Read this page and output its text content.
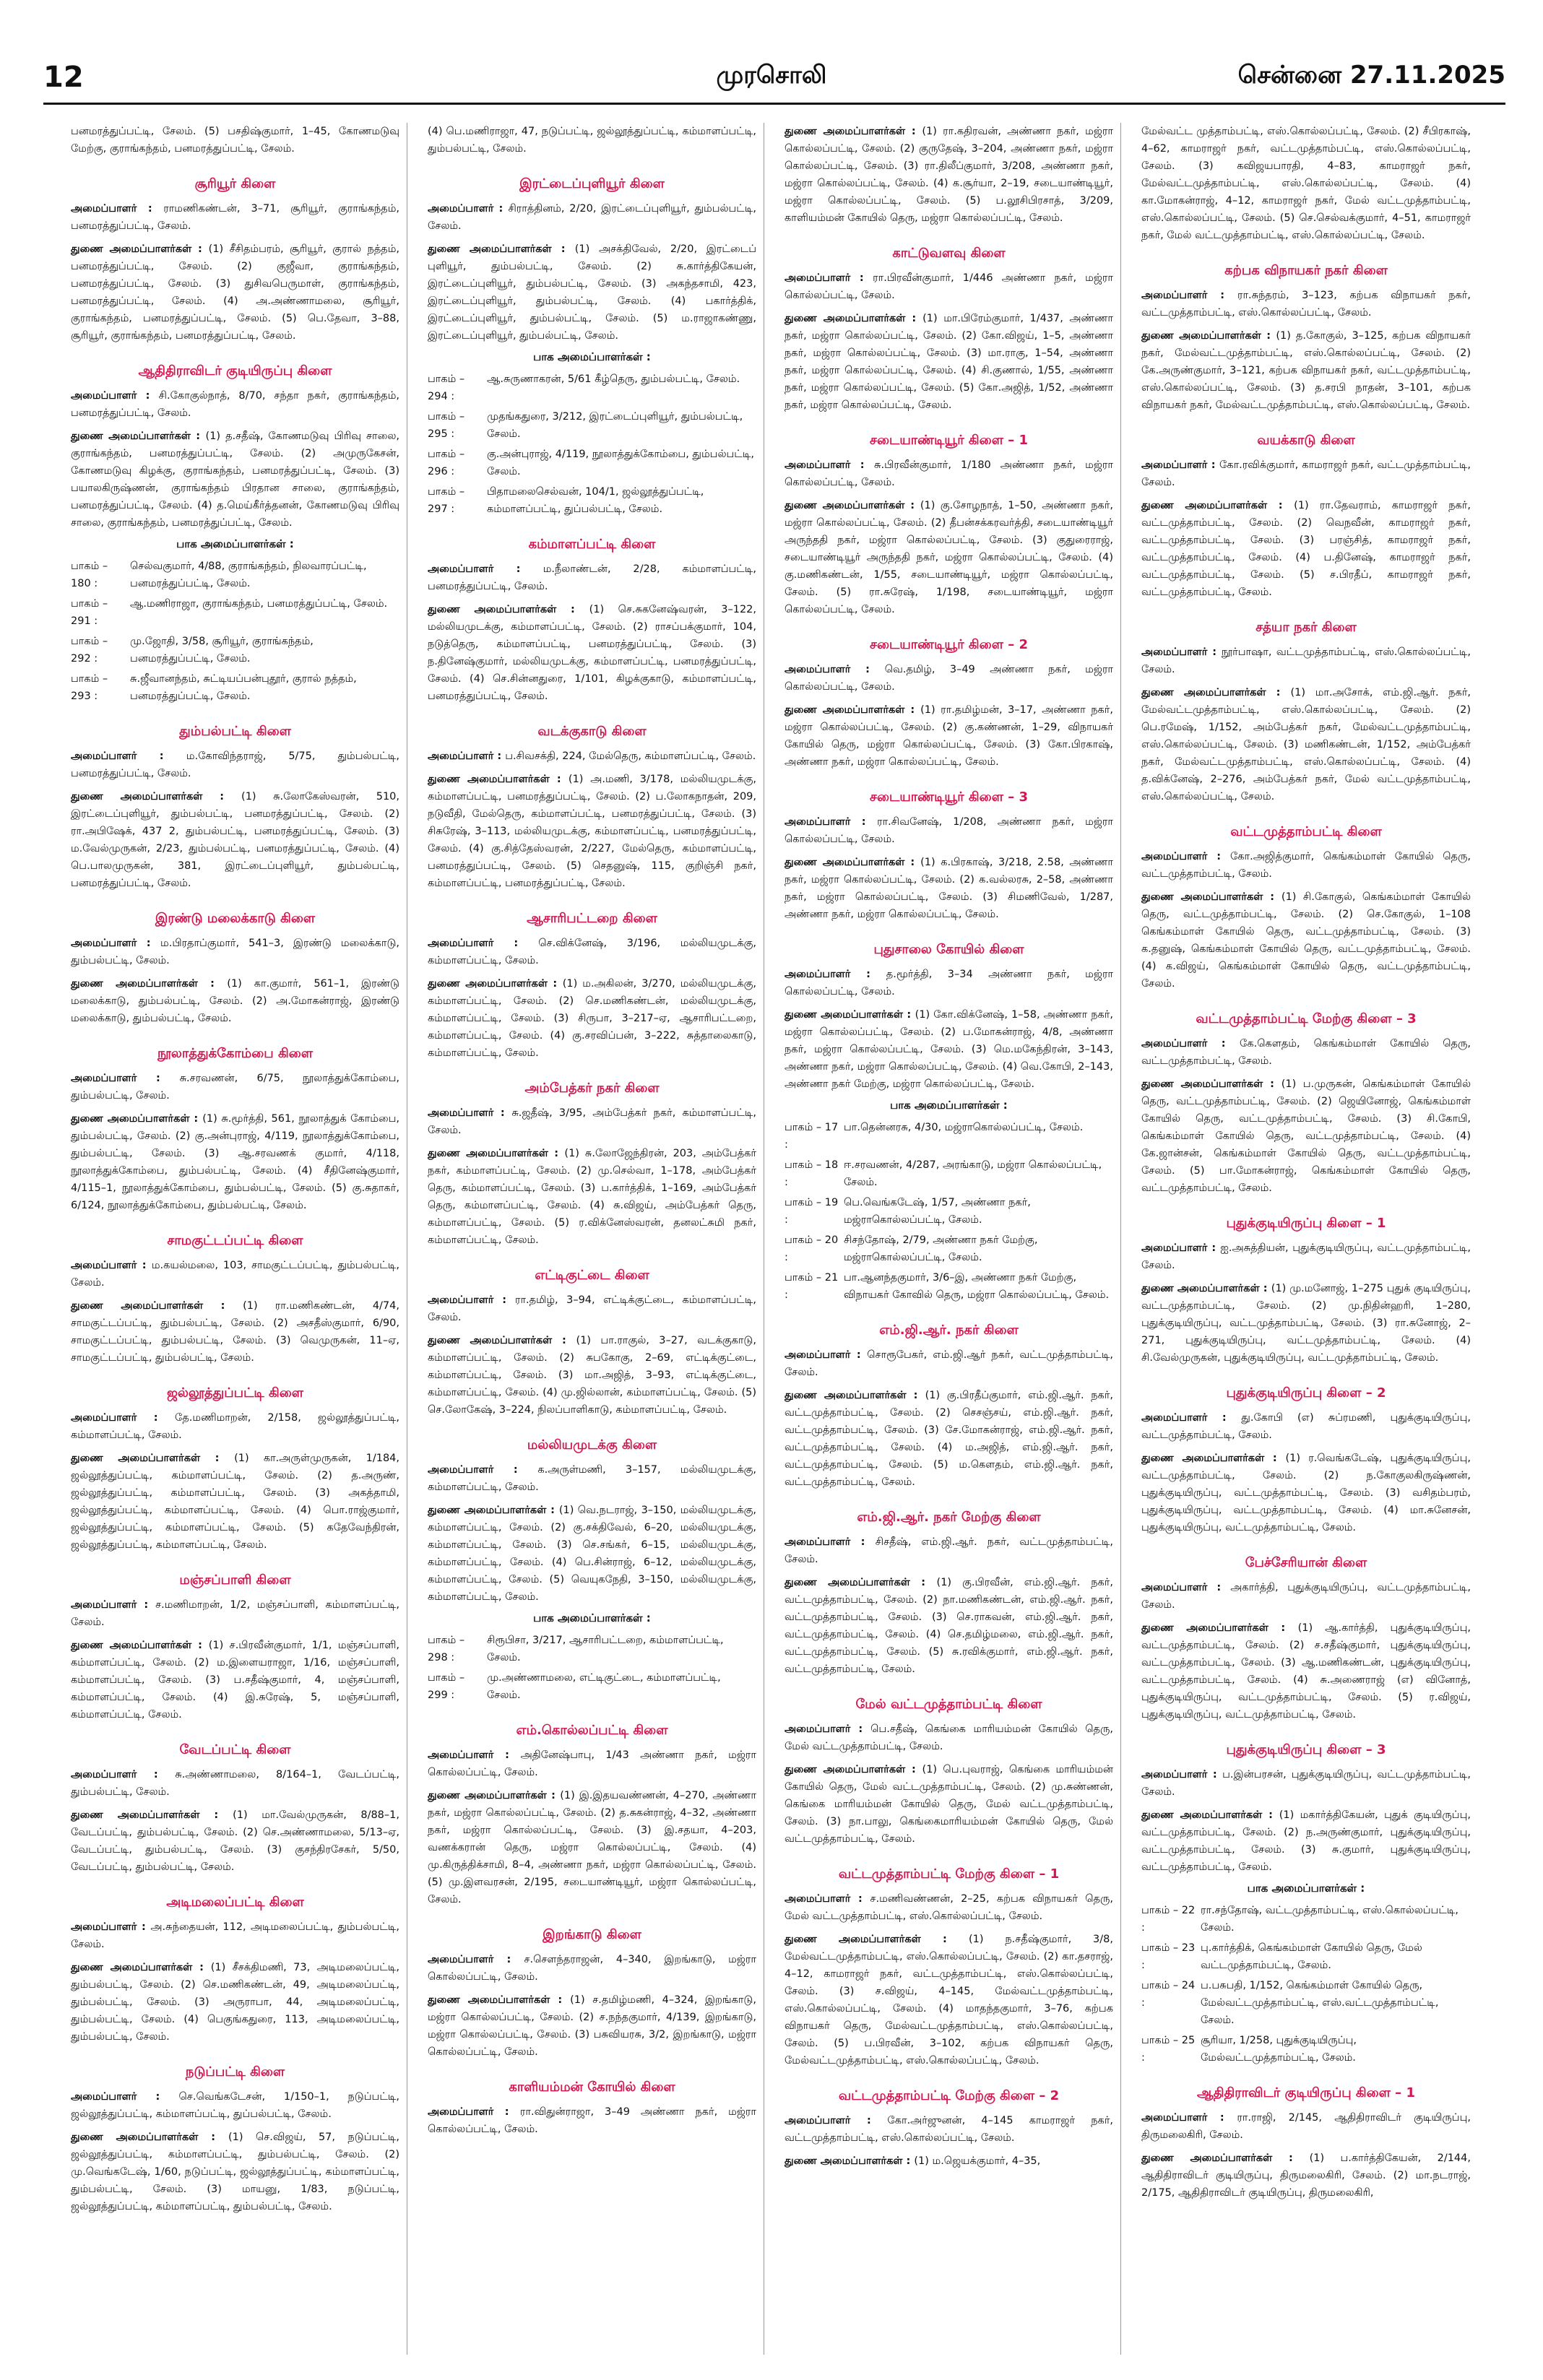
12	முரசொலி	சென்னை 27.11.2025

பனமரத்துப்பட்டி, சேலம். (5) பசதிஷ்குமார், 1–45, கோணமடுவு மேற்கு, குராங்கந்தம், பனமரத்துப்பட்டி, சேலம்.

சூரியூர் கிளை

அமைப்பாளர் : ராமணிகண்டன், 3–71, சூரியூர், குராங்கந்தம், பனமரத்துப்பட்டி, சேலம்.

துணை அமைப்பாளர்கள் : (1) சீசிதம்பரம், சூரியூர், குரால் நத்தம், பனமரத்துப்பட்டி, சேலம். (2) குஜீவா, குராங்கந்தம், பனமரத்துப்பட்டி, சேலம். (3) துசிவபெருமாள், குராங்கந்தம், பனமரத்துப்பட்டி, சேலம். (4) அ.அண்ணாமலை, சூரியூர், குராங்கந்தம், பனமரத்துப்பட்டி, சேலம். (5) பெ.தேவா, 3–88, சூரியூர், குராங்கந்தம், பனமரத்துப்பட்டி, சேலம்.

ஆதிதிராவிடர் குடியிருப்பு கிளை

அமைப்பாளர் : சி.கோகுல்நாத், 8/70, சந்தா நகர், குராங்கந்தம், பனமரத்துப்பட்டி, சேலம்.

துணை அமைப்பாளர்கள் : (1) த.சதீஷ், கோணமடுவு பிரிவு சாலை, குராங்கந்தம், பனமரத்துப்பட்டி, சேலம். (2) அமுருகேசன், கோணமடுவு கிழக்கு, குராங்கந்தம், பனமரத்துப்பட்டி, சேலம். (3) பயாலகிருஷ்ணன், குராங்கந்தம் பிரதான சாலை, குராங்கந்தம், பனமரத்துப்பட்டி, சேலம். (4) த.மெய்கீர்த்தனன், கோணமடுவு பிரிவு சாலை, குராங்கந்தம், பனமரத்துப்பட்டி, சேலம்.

பாக அமைப்பாளர்கள் :
பாகம் – 180 :
செல்வகுமார், 4/88, குராங்கந்தம், நிலவாரப்பட்டி, பனமரத்துப்பட்டி, சேலம்.
பாகம் – 291 :
ஆ.மணிராஜா, குராங்கந்தம், பனமரத்துப்பட்டி, சேலம்.
பாகம் – 292 :
மு.ஜோதி, 3/58, சூரியூர், குராங்கந்தம், பனமரத்துப்பட்டி, சேலம்.
பாகம் – 293 :
சு.ஜீவானந்தம், சுட்டியப்பன்புதூர், குரால் நத்தம், பனமரத்துப்பட்டி, சேலம்.
தும்பல்பட்டி கிளை

அமைப்பாளர் : ம.கோவிந்தராஜ், 5/75, தும்பல்பட்டி, பனமரத்துப்பட்டி, சேலம்.

துணை அமைப்பாளர்கள் : (1) சு.லோகேஸ்வரன், 510, இரட்டைப்புளியூர், தும்பல்பட்டி, பனமரத்துப்பட்டி, சேலம். (2) ரா.அபிஷேக், 437 2, தும்பல்பட்டி, பனமரத்துப்பட்டி, சேலம். (3) ம.வேல்முருகன், 2/23, தும்பல்பட்டி, பனமரத்துப்பட்டி, சேலம். (4) பெ.பாலமுருகன், 381, இரட்டைப்புளியூர், தும்பல்பட்டி, பனமரத்துப்பட்டி, சேலம்.

இரண்டு மலைக்காடு கிளை

அமைப்பாளர் : ம.பிரதாப்குமார், 541–3, இரண்டு மலைக்காடு, தும்பல்பட்டி, சேலம்.

துணை அமைப்பாளர்கள் : (1) கா.குமார், 561–1, இரண்டு மலைக்காடு, தும்பல்பட்டி, சேலம். (2) அ.மோகன்ராஜ், இரண்டு மலைக்காடு, தும்பல்பட்டி, சேலம்.

நூலாத்துக்கோம்பை கிளை

அமைப்பாளர் : சு.சரவணன், 6/75, நூலாத்துக்கோம்பை, தும்பல்பட்டி, சேலம்.

துணை அமைப்பாளர்கள் : (1) சு.மூர்த்தி, 561, நூலாத்துக் கோம்பை, தும்பல்பட்டி, சேலம். (2) கு.அன்புராஜ், 4/119, நூலாத்துக்கோம்பை, தும்பல்பட்டி, சேலம். (3) ஆ.சரவணக் குமார், 4/118, நூலாத்துக்கோம்பை, தும்பல்பட்டி, சேலம். (4) சீதினேஷ்குமார், 4/115–1, நூலாத்துக்கோம்பை, தும்பல்பட்டி, சேலம். (5) கு.சுதாகர், 6/124, நூலாத்துக்கோம்பை, தும்பல்பட்டி, சேலம்.

சாமகுட்டப்பட்டி கிளை

அமைப்பாளர் : ம.கயல்மலை, 103, சாமகுட்டப்பட்டி, தும்பல்பட்டி, சேலம்.

துணை அமைப்பாளர்கள் : (1) ரா.மணிகண்டன், 4/74, சாமகுட்டப்பட்டி, தும்பல்பட்டி, சேலம். (2) அசதீஸ்குமார், 6/90, சாமகுட்டப்பட்டி, தும்பல்பட்டி, சேலம். (3) வெமுருகன், 11–ஏ, சாமகுட்டப்பட்டி, தும்பல்பட்டி, சேலம்.

ஜல்லூத்துப்பட்டி கிளை

அமைப்பாளர் : தே.மணிமாறன், 2/158, ஜல்லூத்துப்பட்டி, கம்மாளப்பட்டி, சேலம்.

துணை அமைப்பாளர்கள் : (1) கா.அருள்முருகன், 1/184, ஜல்லூத்துப்பட்டி, கம்மாளப்பட்டி, சேலம். (2) த.அருண், ஜல்லூத்துப்பட்டி, கம்மாளப்பட்டி, சேலம். (3) அகத்தாமி, ஜல்லூத்துப்பட்டி, கம்மாளப்பட்டி, சேலம். (4) பொ.ராஜ்குமார், ஜல்லூத்துப்பட்டி, கம்மாளப்பட்டி, சேலம். (5) கதேவேந்திரன், ஜல்லூத்துப்பட்டி, கம்மாளப்பட்டி, சேலம்.

மஞ்சப்பாளி கிளை

அமைப்பாளர் : ச.மணிமாறன், 1/2, மஞ்சப்பாளி, கம்மாளப்பட்டி, சேலம்.

துணை அமைப்பாளர்கள் : (1) ச.பிரவீன்குமார், 1/1, மஞ்சப்பாளி, கம்மாளப்பட்டி, சேலம். (2) ம.இளையராஜா, 1/16, மஞ்சப்பாளி, கம்மாளப்பட்டி, சேலம். (3) ப.சதீஷ்குமார், 4, மஞ்சப்பாளி, கம்மாளப்பட்டி, சேலம். (4) இ.சுரேஷ், 5, மஞ்சப்பாளி, கம்மாளப்பட்டி, சேலம்.

வேடப்பட்டி கிளை

அமைப்பாளர் : சு.அண்ணாமலை, 8/164–1, வேடப்பட்டி, தும்பல்பட்டி, சேலம்.

துணை அமைப்பாளர்கள் : (1) மா.வேல்முருகன், 8/88–1, வேடப்பட்டி, தும்பல்பட்டி, சேலம். (2) செ.அண்ணாமலை, 5/13–ஏ, வேடப்பட்டி, தும்பல்பட்டி, சேலம். (3) குசந்திரசேகர், 5/50, வேடப்பட்டி, தும்பல்பட்டி, சேலம்.

அடிமலைப்பட்டி கிளை

அமைப்பாளர் : அ.சுந்தையன், 112, அடிமலைப்பட்டி, தும்பல்பட்டி, சேலம்.

துணை அமைப்பாளர்கள் : (1) சீசக்திமணி, 73, அடிமலைப்பட்டி, தும்பல்பட்டி, சேலம். (2) செ.மணிகண்டன், 49, அடிமலைப்பட்டி, தும்பல்பட்டி, சேலம். (3) அருராபா, 44, அடிமலைப்பட்டி, தும்பல்பட்டி, சேலம். (4) பெகுங்கதுரை, 113, அடிமலைப்பட்டி, தும்பல்பட்டி, சேலம்.

நடுப்பட்டி கிளை

அமைப்பாளர் : செ.வெங்கடேசன், 1/150–1, நடுப்பட்டி, ஜல்லூத்துப்பட்டி, கம்மாளப்பட்டி, துப்பல்பட்டி, சேலம்.

துணை அமைப்பாளர்கள் : (1) செ.விஜய், 57, நடுப்பட்டி, ஜல்லூத்துப்பட்டி, கம்மாளப்பட்டி, தும்பல்பட்டி, சேலம். (2) மு.வெங்கடேஷ், 1/60, நடுப்பட்டி, ஜல்லூத்துப்பட்டி, கம்மாளப்பட்டி, தும்பல்பட்டி, சேலம். (3) மாயனு, 1/83, நடுப்பட்டி, ஜல்லூத்துப்பட்டி, கம்மாளப்பட்டி, தும்பல்பட்டி, சேலம்.

(4) பெ.மணிராஜா, 47, நடுப்பட்டி, ஜல்லூத்துப்பட்டி, கம்மாளப்பட்டி, தும்பல்பட்டி, சேலம்.

இரட்டைப்புளியூர் கிளை

அமைப்பாளர் : சிராத்தினம், 2/20, இரட்டைப்புளியூர், தும்பல்பட்டி, சேலம்.

துணை அமைப்பாளர்கள் : (1) அசக்திவேல், 2/20, இரட்டைப் புளியூர், தும்பல்பட்டி, சேலம். (2) சு.கார்த்திகேயன், இரட்டைப்புளியூர், தும்பல்பட்டி, சேலம். (3) அகந்தசாமி, 423, இரட்டைப்புளியூர், தும்பல்பட்டி, சேலம். (4) பகார்த்திக், இரட்டைப்புளியூர், தும்பல்பட்டி, சேலம். (5) ம.ராஜாகண்ணு, இரட்டைப்புளியூர், தும்பல்பட்டி, சேலம்.

பாக அமைப்பாளர்கள் :
பாகம் – 294 :
ஆ.சுருணாகரன், 5/61 கீழ்தெரு, தும்பல்பட்டி, சேலம்.
பாகம் – 295 :
முதங்கதுரை, 3/212, இரட்டைப்புளியூர், தும்பல்பட்டி, சேலம்.
பாகம் – 296 :
கு.அன்புராஜ், 4/119, நூலாத்துக்கோம்பை, தும்பல்பட்டி, சேலம்.
பாகம் – 297 :
பிதாமலைசெல்வன், 104/1, ஜல்லூத்துப்பட்டி, கம்மாளப்பட்டி, துப்பல்பட்டி, சேலம்.
கம்மாளப்பட்டி கிளை

அமைப்பாளர் : ம.நீலாண்டன், 2/28, கம்மாளப்பட்டி, பனமரத்துப்பட்டி, சேலம்.

துணை அமைப்பாளர்கள் : (1) செ.சுகனேஷ்வரன், 3–122, மல்லியமுடக்கு, கம்மாளப்பட்டி, சேலம். (2) ராசப்பக்குமார், 104, நடுத்தெரு, கம்மாளப்பட்டி, பனமரத்துப்பட்டி, சேலம். (3) ந.தினேஷ்குமார், மல்லியமுடக்கு, கம்மாளப்பட்டி, பனமரத்துப்பட்டி, சேலம். (4) செ.சின்னதுரை, 1/101, கிழக்குகாடு, கம்மாளப்பட்டி, பனமரத்துப்பட்டி, சேலம்.

வடக்குகாடு கிளை

அமைப்பாளர் : ப.சிவசக்தி, 224, மேல்தெரு, கம்மாளப்பட்டி, சேலம்.

துணை அமைப்பாளர்கள் : (1) அ.மணி, 3/178, மல்லியமுடக்கு, கம்மாளப்பட்டி, பனமரத்துப்பட்டி, சேலம். (2) ப.லோகநாதன், 209, நடுவீதி, மேல்தெரு, கம்மாளப்பட்டி, பனமரத்துப்பட்டி, சேலம். (3) சிசுரேஷ், 3–113, மல்லியமுடக்கு, கம்மாளப்பட்டி, பனமரத்துப்பட்டி, சேலம். (4) கு.சித்தேஸ்வரன், 2/227, மேல்தெரு, கம்மாளப்பட்டி, பனமரத்துப்பட்டி, சேலம். (5) செதனுஷ், 115, குறிஞ்சி நகர், கம்மாளப்பட்டி, பனமரத்துப்பட்டி, சேலம்.

ஆசாரிபட்டறை கிளை

அமைப்பாளர் : செ.விக்னேஷ், 3/196, மல்லியமுடக்கு, கம்மாளப்பட்டி, சேலம்.

துணை அமைப்பாளர்கள் : (1) ம.அகிலன், 3/270, மல்லியமுடக்கு, கம்மாளப்பட்டி, சேலம். (2) செ.மணிகண்டன், மல்லியமுடக்கு, கம்மாளப்பட்டி, சேலம். (3) சிருபா, 3–217–ஏ, ஆசாரிபட்டறை, கம்மாளப்பட்டி, சேலம். (4) கு.சரவிப்பன், 3–222, சுத்தாலைகாடு, கம்மாளப்பட்டி, சேலம்.

அம்பேத்கர் நகர் கிளை

அமைப்பாளர் : சு.ஜதீஷ், 3/95, அம்பேத்கர் நகர், கம்மாளப்பட்டி, சேலம்.

துணை அமைப்பாளர்கள் : (1) சு.லோஜேந்திரன், 203, அம்பேத்கர் நகர், கம்மாளப்பட்டி, சேலம். (2) மு.செல்வா, 1–178, அம்பேத்கர் தெரு, கம்மாளப்பட்டி, சேலம். (3) ப.கார்த்திக், 1–169, அம்பேத்கர் தெரு, கம்மாளப்பட்டி, சேலம். (4) சு.விஜய், அம்பேத்கர் தெரு, கம்மாளப்பட்டி, சேலம். (5) ர.விக்னேஸ்வரன், தனலட்சுமி நகர், கம்மாளப்பட்டி, சேலம்.

எட்டிகுட்டை கிளை

அமைப்பாளர் : ரா.தமிழ், 3–94, எட்டிக்குட்டை, கம்மாளப்பட்டி, சேலம்.

துணை அமைப்பாளர்கள் : (1) பா.ராகுல், 3–27, வடக்குகாடு, கம்மாளப்பட்டி, சேலம். (2) சுபகோகு, 2–69, எட்டிக்குட்டை, கம்மாளப்பட்டி, சேலம். (3) மா.அஜித், 3–93, எட்டிக்குட்டை, கம்மாளப்பட்டி, சேலம். (4) மு.ஜில்லான், கம்மாளப்பட்டி, சேலம். (5) செ.லோகேஷ், 3–224, நிலப்பாளிகாடு, கம்மாளப்பட்டி, சேலம்.

மல்லியமுடக்கு கிளை

அமைப்பாளர் : க.அருள்மணி, 3–157, மல்லியமுடக்கு, கம்மாளப்பட்டி, சேலம்.

துணை அமைப்பாளர்கள் : (1) வெ.நடராஜ், 3–150, மல்லியமுடக்கு, கம்மாளப்பட்டி, சேலம். (2) கு.சக்திவேல், 6–20, மல்லியமுடக்கு, கம்மாளப்பட்டி, சேலம். (3) செ.சங்கர், 6–15, மல்லியமுடக்கு, கம்மாளப்பட்டி, சேலம். (4) பெ.சின்ராஜ், 6–12, மல்லியமுடக்கு, கம்மாளப்பட்டி, சேலம். (5) வெயுகநேதி, 3–150, மல்லியமுடக்கு, கம்மாளப்பட்டி, சேலம்.

பாக அமைப்பாளர்கள் :
பாகம் – 298 :
சிரூபிசா, 3/217, ஆசாரிபட்டறை, கம்மாளப்பட்டி, சேலம்.
பாகம் – 299 :
மு.அண்ணாமலை, எட்டிகுட்டை, கம்மாளப்பட்டி, சேலம்.
எம்.கொல்லப்பட்டி கிளை

அமைப்பாளர் : அதினேஷ்பாபு, 1/43 அண்ணா நகர், மஜ்ரா கொல்லப்பட்டி, சேலம்.

துணை அமைப்பாளர்கள் : (1) இ.இதயவண்ணன், 4–270, அண்ணா நகர், மஜ்ரா கொல்லப்பட்டி, சேலம். (2) த.சுகன்ராஜ், 4–32, அண்ணா நகர், மஜ்ரா கொல்லப்பட்டி, சேலம். (3) இ.சதயா, 4–203, வணக்கரான் தெரு, மஜ்ரா கொல்லப்பட்டி, சேலம். (4) மு.கிருத்திக்சாமி, 8–4, அண்ணா நகர், மஜ்ரா கொல்லப்பட்டி, சேலம். (5) மு.இளவரசன், 2/195, சடையாண்டியூர், மஜ்ரா கொல்லப்பட்டி, சேலம்.

இறங்காடு கிளை

அமைப்பாளர் : ச.செளந்தராஜன், 4–340, இறங்காடு, மஜ்ரா கொல்லப்பட்டி, சேலம்.

துணை அமைப்பாளர்கள் : (1) ச.தமிழ்மணி, 4–324, இறங்காடு, மஜ்ரா கொல்லப்பட்டி, சேலம். (2) ச.நந்தகுமார், 4/139, இறங்காடு, மஜ்ரா கொல்லப்பட்டி, சேலம். (3) பசுவியரசு, 3/2, இறங்காடு, மஜ்ரா கொல்லப்பட்டி, சேலம்.

காளியம்மன் கோயில் கிளை

அமைப்பாளர் : ரா.விதுன்ராஜா, 3–49 அண்ணா நகர், மஜ்ரா கொல்லப்பட்டி, சேலம்.

துணை அமைப்பாளர்கள் : (1) ரா.கதிரவன், அண்ணா நகர், மஜ்ரா கொல்லப்பட்டி, சேலம். (2) குருதேஷ், 3–204, அண்ணா நகர், மஜ்ரா கொல்லப்பட்டி, சேலம். (3) ரா.திலீப்குமார், 3/208, அண்ணா நகர், மஜ்ரா கொல்லப்பட்டி, சேலம். (4) க.சூர்யா, 2–19, சடையாண்டியூர், மஜ்ரா கொல்லப்பட்டி, சேலம். (5) ப.லூசிபிரசாத், 3/209, காளியம்மன் கோயில் தெரு, மஜ்ரா கொல்லப்பட்டி, சேலம்.

காட்டுவளவு கிளை

அமைப்பாளர் : ரா.பிரவீன்குமார், 1/446 அண்ணா நகர், மஜ்ரா கொல்லப்பட்டி, சேலம்.

துணை அமைப்பாளர்கள் : (1) மா.பிரேம்குமார், 1/437, அண்ணா நகர், மஜ்ரா கொல்லப்பட்டி, சேலம். (2) கோ.விஜய், 1–5, அண்ணா நகர், மஜ்ரா கொல்லப்பட்டி, சேலம். (3) மா.ராகு, 1–54, அண்ணா நகர், மஜ்ரா கொல்லப்பட்டி, சேலம். (4) சி.குணால், 1/55, அண்ணா நகர், மஜ்ரா கொல்லப்பட்டி, சேலம். (5) கோ.அஜித், 1/52, அண்ணா நகர், மஜ்ரா கொல்லப்பட்டி, சேலம்.

சடையாண்டியூர் கிளை – 1

அமைப்பாளர் : சு.பிரவீன்குமார், 1/180 அண்ணா நகர், மஜ்ரா கொல்லப்பட்டி, சேலம்.

துணை அமைப்பாளர்கள் : (1) கு.சோழநாத், 1–50, அண்ணா நகர், மஜ்ரா கொல்லப்பட்டி, சேலம். (2) தீபன்சக்கரவர்த்தி, சடையாண்டியூர் அருந்ததி நகர், மஜ்ரா கொல்லப்பட்டி, சேலம். (3) குதுரைராஜ், சடையாண்டியூர் அருந்ததி நகர், மஜ்ரா கொல்லப்பட்டி, சேலம். (4) கு.மணிகண்டன், 1/55, சடையாண்டியூர், மஜ்ரா கொல்லப்பட்டி, சேலம். (5) ரா.சுரேஷ், 1/198, சடையாண்டியூர், மஜ்ரா கொல்லப்பட்டி, சேலம்.

சடையாண்டியூர் கிளை – 2

அமைப்பாளர் : வெ.தமிழ், 3–49 அண்ணா நகர், மஜ்ரா கொல்லப்பட்டி, சேலம்.

துணை அமைப்பாளர்கள் : (1) ரா.தமிழ்மன், 3–17, அண்ணா நகர், மஜ்ரா கொல்லப்பட்டி, சேலம். (2) கு.கண்ணன், 1–29, விநாயகர் கோயில் தெரு, மஜ்ரா கொல்லப்பட்டி, சேலம். (3) கோ.பிரகாஷ், அண்ணா நகர், மஜ்ரா கொல்லப்பட்டி, சேலம்.

சடையாண்டியூர் கிளை – 3

அமைப்பாளர் : ரா.சிவனேஷ், 1/208, அண்ணா நகர், மஜ்ரா கொல்லப்பட்டி, சேலம்.

துணை அமைப்பாளர்கள் : (1) க.பிரகாஷ், 3/218, 2.58, அண்ணா நகர், மஜ்ரா கொல்லப்பட்டி, சேலம். (2) க.வல்லரசு, 2–58, அண்ணா நகர், மஜ்ரா கொல்லப்பட்டி, சேலம். (3) சிமணிவேல், 1/287, அண்ணா நகர், மஜ்ரா கொல்லப்பட்டி, சேலம்.

புதுசாலை கோயில் கிளை

அமைப்பாளர் : த.மூர்த்தி, 3–34 அண்ணா நகர், மஜ்ரா கொல்லப்பட்டி, சேலம்.

துணை அமைப்பாளர்கள் : (1) கோ.விக்னேஷ், 1–58, அண்ணா நகர், மஜ்ரா கொல்லப்பட்டி, சேலம். (2) ப.மோகன்ராஜ், 4/8, அண்ணா நகர், மஜ்ரா கொல்லப்பட்டி, சேலம். (3) மெ.மகேந்திரன், 3–143, அண்ணா நகர், மஜ்ரா கொல்லப்பட்டி, சேலம். (4) வெ.கோபி, 2–143, அண்ணா நகர் மேற்கு, மஜ்ரா கொல்லப்பட்டி, சேலம்.

பாக அமைப்பாளர்கள் :
பாகம் – 17 :
பா.தென்னரசு, 4/30, மஜ்ராகொல்லப்பட்டி, சேலம்.
பாகம் – 18 :
ஈ.சரவணன், 4/287, அரங்காடு, மஜ்ரா கொல்லப்பட்டி, சேலம்.
பாகம் – 19 :
பெ.வெங்கடேஷ், 1/57, அண்ணா நகர், மஜ்ராகொல்லப்பட்டி, சேலம்.
பாகம் – 20 :
சிசந்தோஷ், 2/79, அண்ணா நகர் மேற்கு, மஜ்ராகொல்லப்பட்டி, சேலம்.
பாகம் – 21 :
பா.ஆனந்தகுமார், 3/6–இ, அண்ணா நகர் மேற்கு, விநாயகர் கோவில் தெரு, மஜ்ரா கொல்லப்பட்டி, சேலம்.
எம்.ஜி.ஆர். நகர் கிளை

அமைப்பாளர் : சொரூபேகர், எம்.ஜி.ஆர் நகர், வட்டமுத்தாம்பட்டி, சேலம்.

துணை அமைப்பாளர்கள் : (1) கு.பிரதீப்குமார், எம்.ஜி.ஆர். நகர், வட்டமுத்தாம்பட்டி, சேலம். (2) செசஞ்சய், எம்.ஜி.ஆர். நகர், வட்டமுத்தாம்பட்டி, சேலம். (3) சே.மோகன்ராஜ், எம்.ஜி.ஆர். நகர், வட்டமுத்தாம்பட்டி, சேலம். (4) ம.அஜித், எம்.ஜி.ஆர். நகர், வட்டமுத்தாம்பட்டி, சேலம். (5) ம.கௌதம், எம்.ஜி.ஆர். நகர், வட்டமுத்தாம்பட்டி, சேலம்.

எம்.ஜி.ஆர். நகர் மேற்கு கிளை

அமைப்பாளர் : சிசதீஷ், எம்.ஜி.ஆர். நகர், வட்டமுத்தாம்பட்டி, சேலம்.

துணை அமைப்பாளர்கள் : (1) கு.பிரவீன், எம்.ஜி.ஆர். நகர், வட்டமுத்தாம்பட்டி, சேலம். (2) நா.மணிகண்டன், எம்.ஜி.ஆர். நகர், வட்டமுத்தாம்பட்டி, சேலம். (3) செ.ராகவன், எம்.ஜி.ஆர். நகர், வட்டமுத்தாம்பட்டி, சேலம். (4) செ.தமிழ்மலை, எம்.ஜி.ஆர். நகர், வட்டமுத்தாம்பட்டி, சேலம். (5) சு.ரவிக்குமார், எம்.ஜி.ஆர். நகர், வட்டமுத்தாம்பட்டி, சேலம்.

மேல் வட்டமுத்தாம்பட்டி கிளை

அமைப்பாளர் : பெ.சதீஷ், கெங்கை மாரியம்மன் கோயில் தெரு, மேல் வட்டமுத்தாம்பட்டி, சேலம்.

துணை அமைப்பாளர்கள் : (1) பெ.புவராஜ், கெங்கை மாரியம்மன் கோயில் தெரு, மேல் வட்டமுத்தாம்பட்டி, சேலம். (2) மு.சுண்ணன், கெங்கை மாரியம்மன் கோயில் தெரு, மேல் வட்டமுத்தாம்பட்டி, சேலம். (3) நா.பாலு, கெங்கைமாரியம்மன் கோயில் தெரு, மேல் வட்டமுத்தாம்பட்டி, சேலம்.

வட்டமுத்தாம்பட்டி மேற்கு கிளை – 1

அமைப்பாளர் : ச.மணிவண்ணன், 2–25, கற்பக விநாயகர் தெரு, மேல் வட்டமுத்தாம்பட்டி, எஸ்.கொல்லப்பட்டி, சேலம்.

துணை அமைப்பாளர்கள் : (1) ந.சதீஷ்குமார், 3/8, மேல்வட்டமுத்தாம்பட்டி, எஸ்.கொல்லப்பட்டி, சேலம். (2) கா.தசராஜ், 4–12, காமராஜர் நகர், வட்டமுத்தாம்பட்டி, எஸ்.கொல்லப்பட்டி, சேலம். (3) ச.விஜய், 4–145, மேல்வட்டமுத்தாம்பட்டி, எஸ்.கொல்லப்பட்டி, சேலம். (4) மாதந்தகுமார், 3–76, கற்பக விநாயகர் தெரு, மேல்வட்டமுத்தாம்பட்டி, எஸ்.கொல்லப்பட்டி, சேலம். (5) ப.பிரவீன், 3–102, கற்பக விநாயகர் தெரு, மேல்வட்டமுத்தாம்பட்டி, எஸ்.கொல்லப்பட்டி, சேலம்.

வட்டமுத்தாம்பட்டி மேற்கு கிளை – 2

அமைப்பாளர் : கோ.அர்ஜுனன், 4–145 காமராஜர் நகர், வட்டமுத்தாம்பட்டி, எஸ்.கொல்லப்பட்டி, சேலம்.

துணை அமைப்பாளர்கள் : (1) ம.ஜெயக்குமார், 4–35,

மேல்வட்ட முத்தாம்பட்டி, எஸ்.கொல்லப்பட்டி, சேலம். (2) சீபிரகாஷ், 4–62, காமராஜர் நகர், வட்டமுத்தாம்பட்டி, எஸ்.கொல்லப்பட்டி, சேலம். (3) கவிஜயபாரதி, 4–83, காமராஜர் நகர், மேல்வட்டமுத்தாம்பட்டி, எஸ்.கொல்லப்பட்டி, சேலம். (4) கா.மோகன்ராஜ், 4–12, காமராஜர் நகர், மேல் வட்டமுத்தாம்பட்டி, எஸ்.கொல்லப்பட்டி, சேலம். (5) செ.செல்வக்குமார், 4–51, காமராஜர் நகர், மேல் வட்டமுத்தாம்பட்டி, எஸ்.கொல்லப்பட்டி, சேலம்.

கற்பக விநாயகர் நகர் கிளை

அமைப்பாளர் : ரா.சுந்தரம், 3–123, கற்பக விநாயகர் நகர், வட்டமுத்தாம்பட்டி, எஸ்.கொல்லப்பட்டி, சேலம்.

துணை அமைப்பாளர்கள் : (1) த.கோகுல், 3–125, கற்பக விநாயகர் நகர், மேல்வட்டமுத்தாம்பட்டி, எஸ்.கொல்லப்பட்டி, சேலம். (2) கே.அருண்குமார், 3–121, கற்பக விநாயகர் நகர், வட்டமுத்தாம்பட்டி, எஸ்.கொல்லப்பட்டி, சேலம். (3) த.சரபி நாதன், 3–101, கற்பக விநாயகர் நகர், மேல்வட்டமுத்தாம்பட்டி, எஸ்.கொல்லப்பட்டி, சேலம்.

வயக்காடு கிளை

அமைப்பாளர் : கோ.ரவிக்குமார், காமராஜர் நகர், வட்டமுத்தாம்பட்டி, சேலம்.

துணை அமைப்பாளர்கள் : (1) ரா.தேவராம், காமராஜர் நகர், வட்டமுத்தாம்பட்டி, சேலம். (2) வெநவீன், காமராஜர் நகர், வட்டமுத்தாம்பட்டி, சேலம். (3) பரஞ்சித், காமராஜர் நகர், வட்டமுத்தாம்பட்டி, சேலம். (4) ப.தினேஷ், காமராஜர் நகர், வட்டமுத்தாம்பட்டி, சேலம். (5) ச.பிரதீப், காமராஜர் நகர், வட்டமுத்தாம்பட்டி, சேலம்.

சத்யா நகர் கிளை

அமைப்பாளர் : நூர்பாஷா, வட்டமுத்தாம்பட்டி, எஸ்.கொல்லப்பட்டி, சேலம்.

துணை அமைப்பாளர்கள் : (1) மா.அசோக், எம்.ஜி.ஆர். நகர், மேல்வட்டமுத்தாம்பட்டி, எஸ்.கொல்லப்பட்டி, சேலம். (2) பெ.ரமேஷ், 1/152, அம்பேத்கர் நகர், மேல்வட்டமுத்தாம்பட்டி, எஸ்.கொல்லப்பட்டி, சேலம். (3) மணிகண்டன், 1/152, அம்பேத்கர் நகர், மேல்வட்டமுத்தாம்பட்டி, எஸ்.கொல்லப்பட்டி, சேலம். (4) த.விக்னேஷ், 2–276, அம்பேத்கர் நகர், மேல் வட்டமுத்தாம்பட்டி, எஸ்.கொல்லப்பட்டி, சேலம்.

வட்டமுத்தாம்பட்டி கிளை

அமைப்பாளர் : கோ.அஜித்குமார், கெங்கம்மாள் கோயில் தெரு, வட்டமுத்தாம்பட்டி, சேலம்.

துணை அமைப்பாளர்கள் : (1) சி.கோகுல், கெங்கம்மாள் கோயில் தெரு, வட்டமுத்தாம்பட்டி, சேலம். (2) செ.கோகுல், 1–108 கெங்கம்மாள் கோயில் தெரு, வட்டமுத்தாம்பட்டி, சேலம். (3) க.தனுஷ், கெங்கம்மாள் கோயில் தெரு, வட்டமுத்தாம்பட்டி, சேலம். (4) க.விஜய், கெங்கம்மாள் கோயில் தெரு, வட்டமுத்தாம்பட்டி, சேலம்.

வட்டமுத்தாம்பட்டி மேற்கு கிளை – 3

அமைப்பாளர் : கே.கௌதம், கெங்கம்மாள் கோயில் தெரு, வட்டமுத்தாம்பட்டி, சேலம்.

துணை அமைப்பாளர்கள் : (1) ப.முருகன், கெங்கம்மாள் கோயில் தெரு, வட்டமுத்தாம்பட்டி, சேலம். (2) ஜெயினோஜ், கெங்கம்மாள் கோயில் தெரு, வட்டமுத்தாம்பட்டி, சேலம். (3) சி.கோபி, கெங்கம்மாள் கோயில் தெரு, வட்டமுத்தாம்பட்டி, சேலம். (4) கே.ஜான்சன், கெங்கம்மாள் கோயில் தெரு, வட்டமுத்தாம்பட்டி, சேலம். (5) பா.மோகன்ராஜ், கெங்கம்மாள் கோயில் தெரு, வட்டமுத்தாம்பட்டி, சேலம்.

புதுக்குடியிருப்பு கிளை – 1

அமைப்பாளர் : ஐ.அசுத்தியன், புதுக்குடியிருப்பு, வட்டமுத்தாம்பட்டி, சேலம்.

துணை அமைப்பாளர்கள் : (1) மு.மனோஜ், 1–275 புதுக் குடியிருப்பு, வட்டமுத்தாம்பட்டி, சேலம். (2) மு.நிதின்ஹரி, 1–280, புதுக்குடியிருப்பு, வட்டமுத்தாம்பட்டி, சேலம். (3) ரா.சுனோஜ், 2–271, புதுக்குடியிருப்பு, வட்டமுத்தாம்பட்டி, சேலம். (4) சி.வேல்முருகன், புதுக்குடியிருப்பு, வட்டமுத்தாம்பட்டி, சேலம்.

புதுக்குடியிருப்பு கிளை – 2

அமைப்பாளர் : து.கோபி (எ) சுப்ரமணி, புதுக்குடியிருப்பு, வட்டமுத்தாம்பட்டி, சேலம்.

துணை அமைப்பாளர்கள் : (1) ர.வெங்கடேஷ், புதுக்குடியிருப்பு, வட்டமுத்தாம்பட்டி, சேலம். (2) ந.கோகுலகிருஷ்ணன், புதுக்குடியிருப்பு, வட்டமுத்தாம்பட்டி, சேலம். (3) வசிதம்பரம், புதுக்குடியிருப்பு, வட்டமுத்தாம்பட்டி, சேலம். (4) மா.சுனேசன், புதுக்குடியிருப்பு, வட்டமுத்தாம்பட்டி, சேலம்.

பேச்சேரியான் கிளை

அமைப்பாளர் : அகார்த்தி, புதுக்குடியிருப்பு, வட்டமுத்தாம்பட்டி, சேலம்.

துணை அமைப்பாளர்கள் : (1) ஆ.கார்த்தி, புதுக்குடியிருப்பு, வட்டமுத்தாம்பட்டி, சேலம். (2) ச.சதீஷ்குமார், புதுக்குடியிருப்பு, வட்டமுத்தாம்பட்டி, சேலம். (3) ஆ.மணிகண்டன், புதுக்குடியிருப்பு, வட்டமுத்தாம்பட்டி, சேலம். (4) சு.அணைராஜ் (எ) வினோத், புதுக்குடியிருப்பு, வட்டமுத்தாம்பட்டி, சேலம். (5) ர.விஜய், புதுக்குடியிருப்பு, வட்டமுத்தாம்பட்டி, சேலம்.

புதுக்குடியிருப்பு கிளை – 3

அமைப்பாளர் : ப.இன்பரசன், புதுக்குடியிருப்பு, வட்டமுத்தாம்பட்டி, சேலம்.

துணை அமைப்பாளர்கள் : (1) மகார்த்திகேயன், புதுக் குடியிருப்பு, வட்டமுத்தாம்பட்டி, சேலம். (2) ந.அருண்குமார், புதுக்குடியிருப்பு, வட்டமுத்தாம்பட்டி, சேலம். (3) சு.குமார், புதுக்குடியிருப்பு, வட்டமுத்தாம்பட்டி, சேலம்.

பாக அமைப்பாளர்கள் :
பாகம் – 22 :
ரா.சந்தோஷ், வட்டமுத்தாம்பட்டி, எஸ்.கொல்லப்பட்டி, சேலம்.
பாகம் – 23 :
பு.கார்த்திக், கெங்கம்மாள் கோயில் தெரு, மேல் வட்டமுத்தாம்பட்டி, சேலம்.
பாகம் – 24 :
ப.பசுபதி, 1/152, கெங்கம்மாள் கோயில் தெரு, மேல்வட்டமுத்தாம்பட்டி, எஸ்.வட்டமுத்தாம்பட்டி, சேலம்.
பாகம் – 25 :
சூரியா, 1/258, புதுக்குடியிருப்பு, மேல்வட்டமுத்தாம்பட்டி, சேலம்.
ஆதிதிராவிடர் குடியிருப்பு கிளை – 1

அமைப்பாளர் : ரா.ராஜி, 2/145, ஆதிதிராவிடர் குடியிருப்பு, திருமலைகிரி, சேலம்.

துணை அமைப்பாளர்கள் : (1) ப.கார்த்திகேயன், 2/144, ஆதிதிராவிடர் குடியிருப்பு, திருமலைகிரி, சேலம். (2) மா.நடராஜ், 2/175, ஆதிதிராவிடர் குடியிருப்பு, திருமலைகிரி,
